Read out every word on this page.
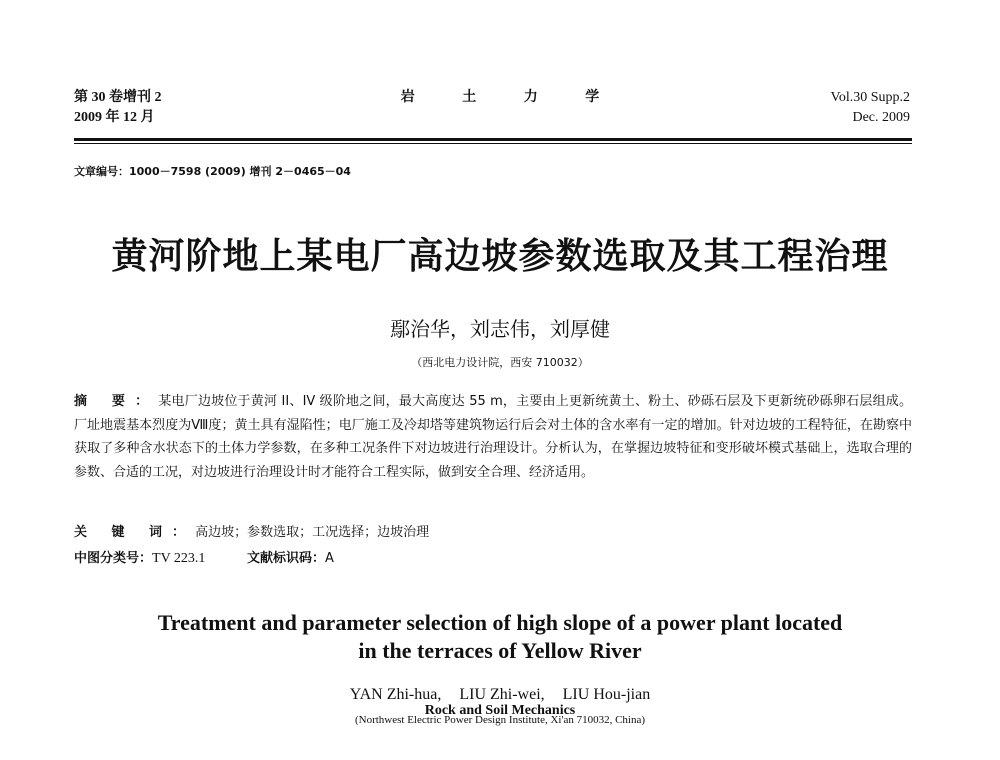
第 30 卷增刊 2
2009 年 12 月
岩 土 力 学
Rock and Soil Mechanics
Vol.30 Supp.2
Dec. 2009
文章编号：1000－7598 (2009) 增刊 2－0465－04
黄河阶地上某电厂高边坡参数选取及其工程治理
鄢治华，刘志伟，刘厚健
（西北电力设计院，西安 710032）
摘 要：某电厂边坡位于黄河 II、IV 级阶地之间，最大高度达 55 m，主要由上更新统黄土、粉土、砂砾石层及下更新统砂砾卵石层组成。厂址地震基本烈度为Ⅷ度；黄土具有湿陷性；电厂施工及冷却塔等建筑物运行后会对土体的含水率有一定的增加。针对边坡的工程特征，在勘察中获取了多种含水状态下的土体力学参数，在多种工况条件下对边坡进行治理设计。分析认为，在掌握边坡特征和变形破坏模式基础上，选取合理的参数、合适的工况，对边坡进行治理设计时才能符合工程实际，做到安全合理、经济适用。
关 键 词：高边坡；参数选取；工况选择；边坡治理
中图分类号：TV 223.1	文献标识码：A
Treatment and parameter selection of high slope of a power plant located
in the terraces of Yellow River
YAN Zhi-hua, LIU Zhi-wei, LIU Hou-jian
(Northwest Electric Power Design Institute, Xi'an 710032, China)
